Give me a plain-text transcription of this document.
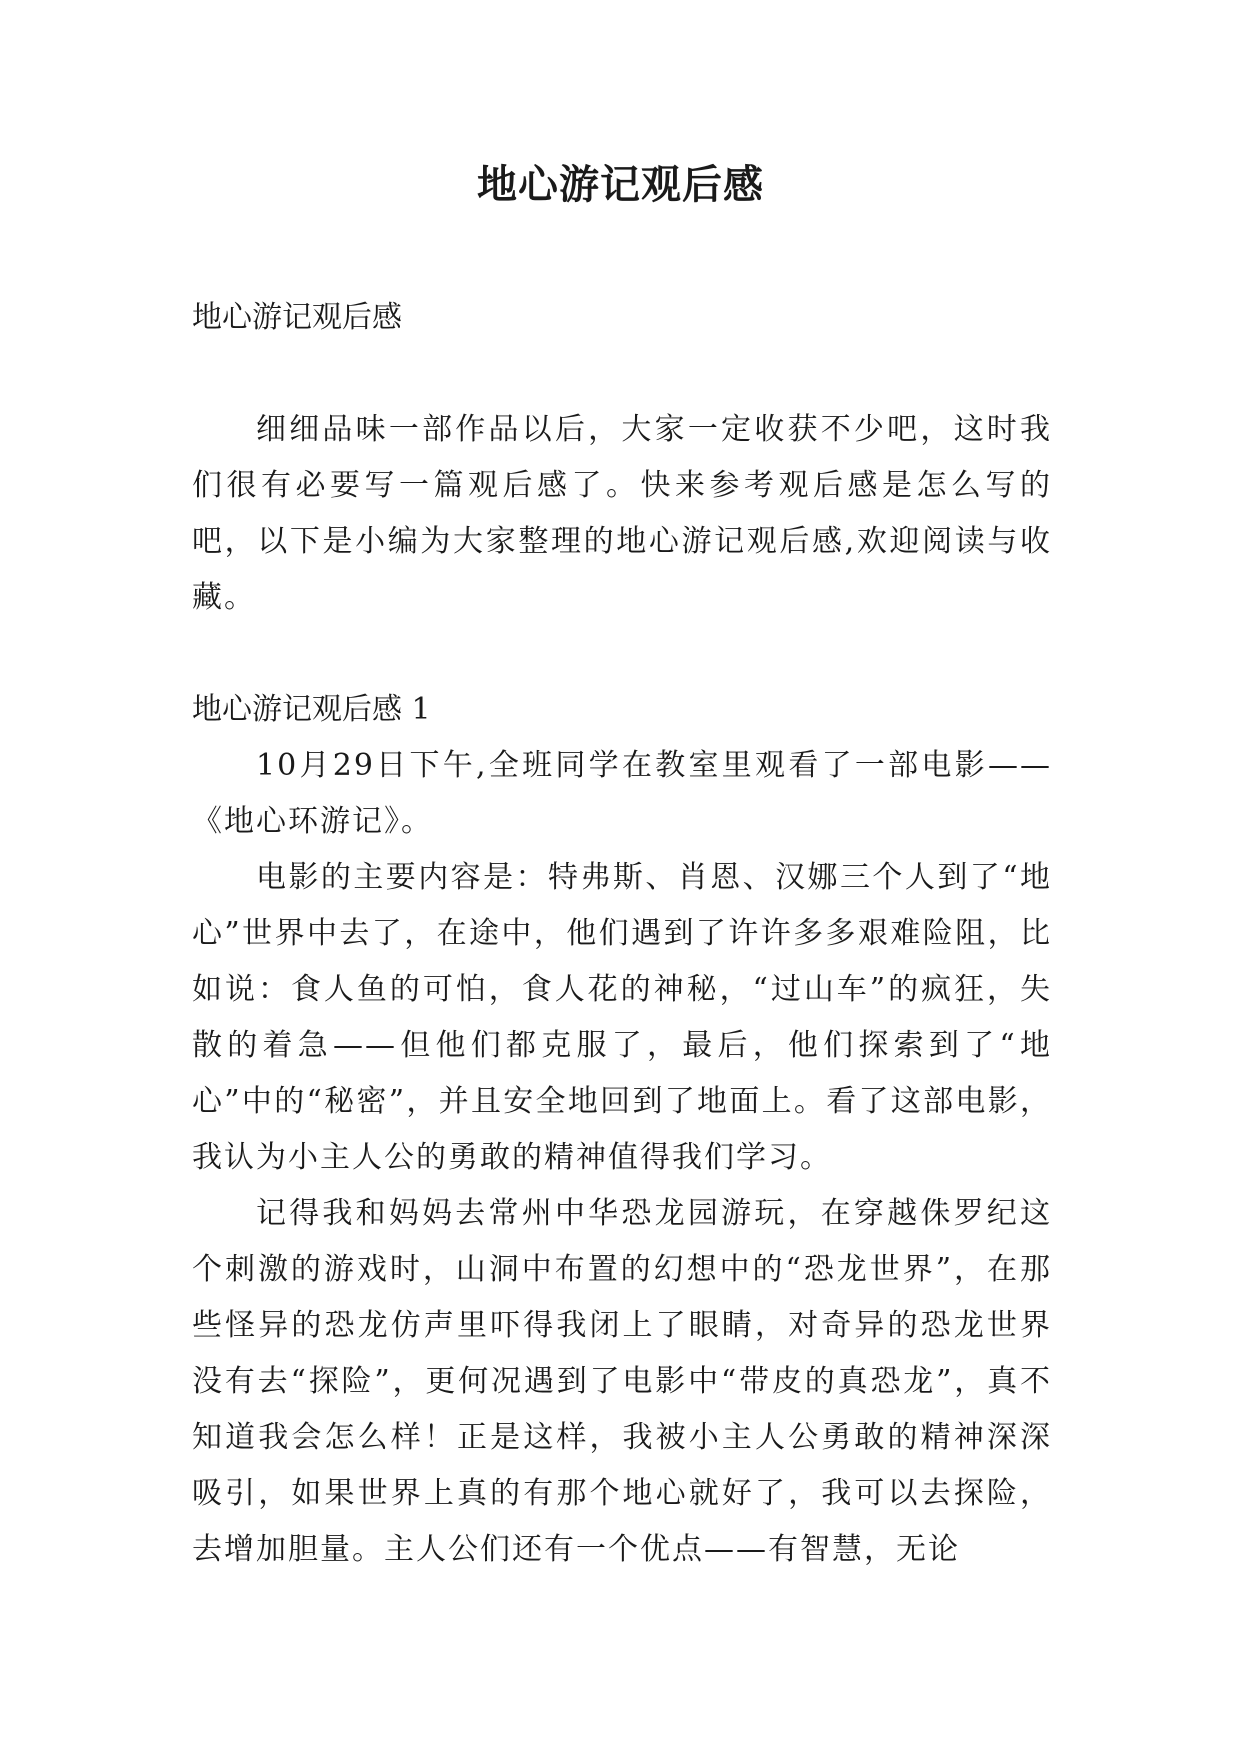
地心游记观后感

地心游记观后感

细细品味一部作品以后，大家一定收获不少吧，这时我们很有必要写一篇观后感了。快来参考观后感是怎么写的吧，以下是小编为大家整理的地心游记观后感,欢迎阅读与收藏。

地心游记观后感 1

10月29日下午,全班同学在教室里观看了一部电影——《地心环游记》。

电影的主要内容是：特弗斯、肖恩、汉娜三个人到了“地心”世界中去了，在途中，他们遇到了许许多多艰难险阻，比如说：食人鱼的可怕，食人花的神秘，“过山车”的疯狂，失散的着急——但他们都克服了，最后，他们探索到了“地心”中的“秘密”，并且安全地回到了地面上。看了这部电影，我认为小主人公的勇敢的精神值得我们学习。

记得我和妈妈去常州中华恐龙园游玩，在穿越侏罗纪这个刺激的游戏时，山洞中布置的幻想中的“恐龙世界”，在那些怪异的恐龙仿声里吓得我闭上了眼睛，对奇异的恐龙世界没有去“探险”，更何况遇到了电影中“带皮的真恐龙”，真不知道我会怎么样！正是这样，我被小主人公勇敢的精神深深吸引，如果世界上真的有那个地心就好了，我可以去探险，去增加胆量。主人公们还有一个优点——有智慧，无论
